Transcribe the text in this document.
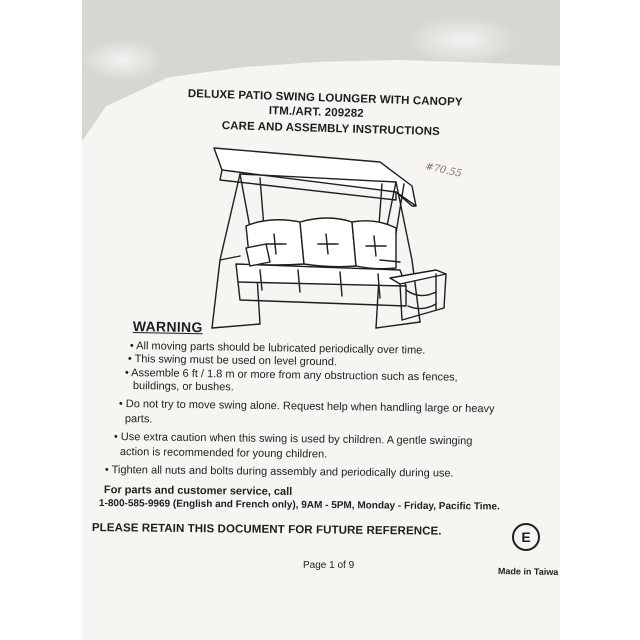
DELUXE PATIO SWING LOUNGER WITH CANOPY
ITM./ART. 209282
CARE AND ASSEMBLY INSTRUCTIONS
#70.55
WARNING
• All moving parts should be lubricated periodically over time.
• This swing must be used on level ground.
• Assemble 6 ft / 1.8 m or more from any obstruction such as fences,
buildings, or bushes.
• Do not try to move swing alone. Request help when handling large or heavy
parts.
• Use extra caution when this swing is used by children. A gentle swinging
action is recommended for young children.
• Tighten all nuts and bolts during assembly and periodically during use.
For parts and customer service, call
1-800-585-9969 (English and French only), 9AM - 5PM, Monday - Friday, Pacific Time.
PLEASE RETAIN THIS DOCUMENT FOR FUTURE REFERENCE.	E
Page 1 of 9
Made in Taiwa
